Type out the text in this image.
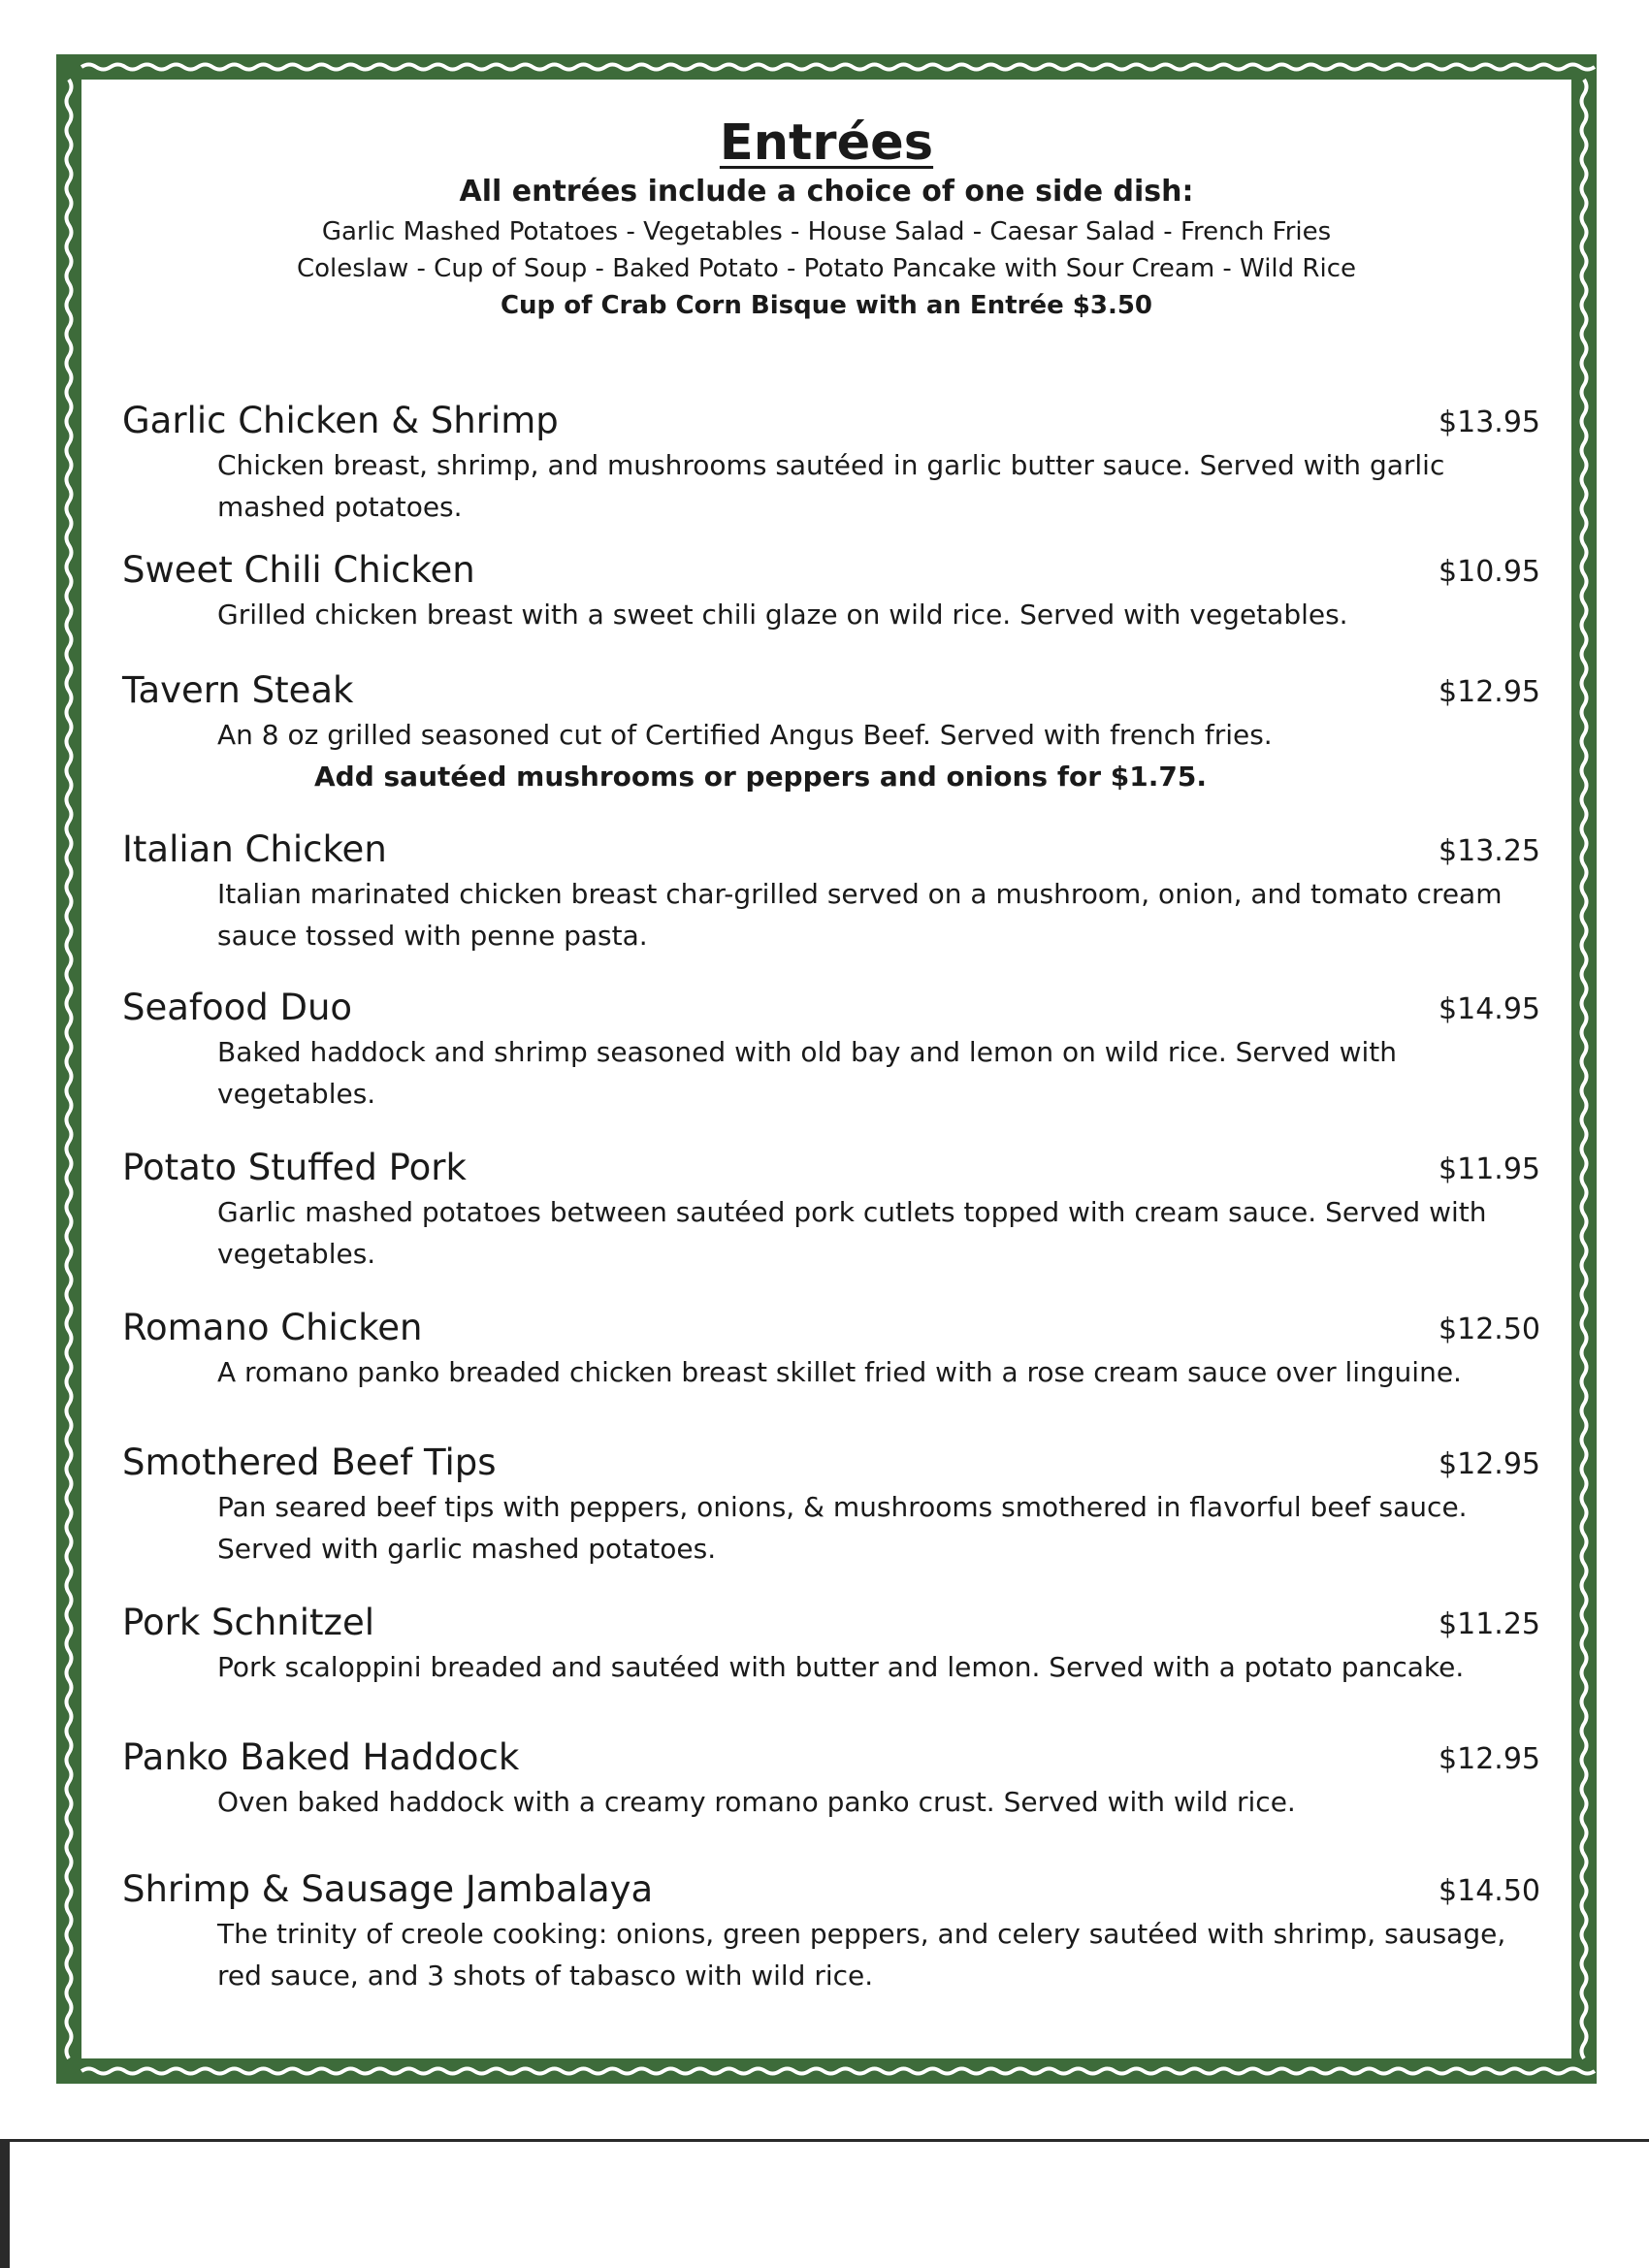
Entrées
All entrées include a choice of one side dish:
Garlic Mashed Potatoes - Vegetables - House Salad - Caesar Salad - French Fries
Coleslaw - Cup of Soup - Baked Potato - Potato Pancake with Sour Cream - Wild Rice
Cup of Crab Corn Bisque with an Entrée $3.50
Garlic Chicken & Shrimp	$13.95
Chicken breast, shrimp, and mushrooms sautéed in garlic butter sauce. Served with garlic mashed potatoes.
Sweet Chili Chicken	$10.95
Grilled chicken breast with a sweet chili glaze on wild rice. Served with vegetables.
Tavern Steak	$12.95
An 8 oz grilled seasoned cut of Certified Angus Beef. Served with french fries.
Add sautéed mushrooms or peppers and onions for $1.75.
Italian Chicken	$13.25
Italian marinated chicken breast char-grilled served on a mushroom, onion, and tomato cream sauce tossed with penne pasta.
Seafood Duo	$14.95
Baked haddock and shrimp seasoned with old bay and lemon on wild rice. Served with vegetables.
Potato Stuffed Pork	$11.95
Garlic mashed potatoes between sautéed pork cutlets topped with cream sauce. Served with vegetables.
Romano Chicken	$12.50
A romano panko breaded chicken breast skillet fried with a rose cream sauce over linguine.
Smothered Beef Tips	$12.95
Pan seared beef tips with peppers, onions, & mushrooms smothered in flavorful beef sauce. Served with garlic mashed potatoes.
Pork Schnitzel	$11.25
Pork scaloppini breaded and sautéed with butter and lemon. Served with a potato pancake.
Panko Baked Haddock	$12.95
Oven baked haddock with a creamy romano panko crust. Served with wild rice.
Shrimp & Sausage Jambalaya	$14.50
The trinity of creole cooking: onions, green peppers, and celery sautéed with shrimp, sausage, red sauce, and 3 shots of tabasco with wild rice.
